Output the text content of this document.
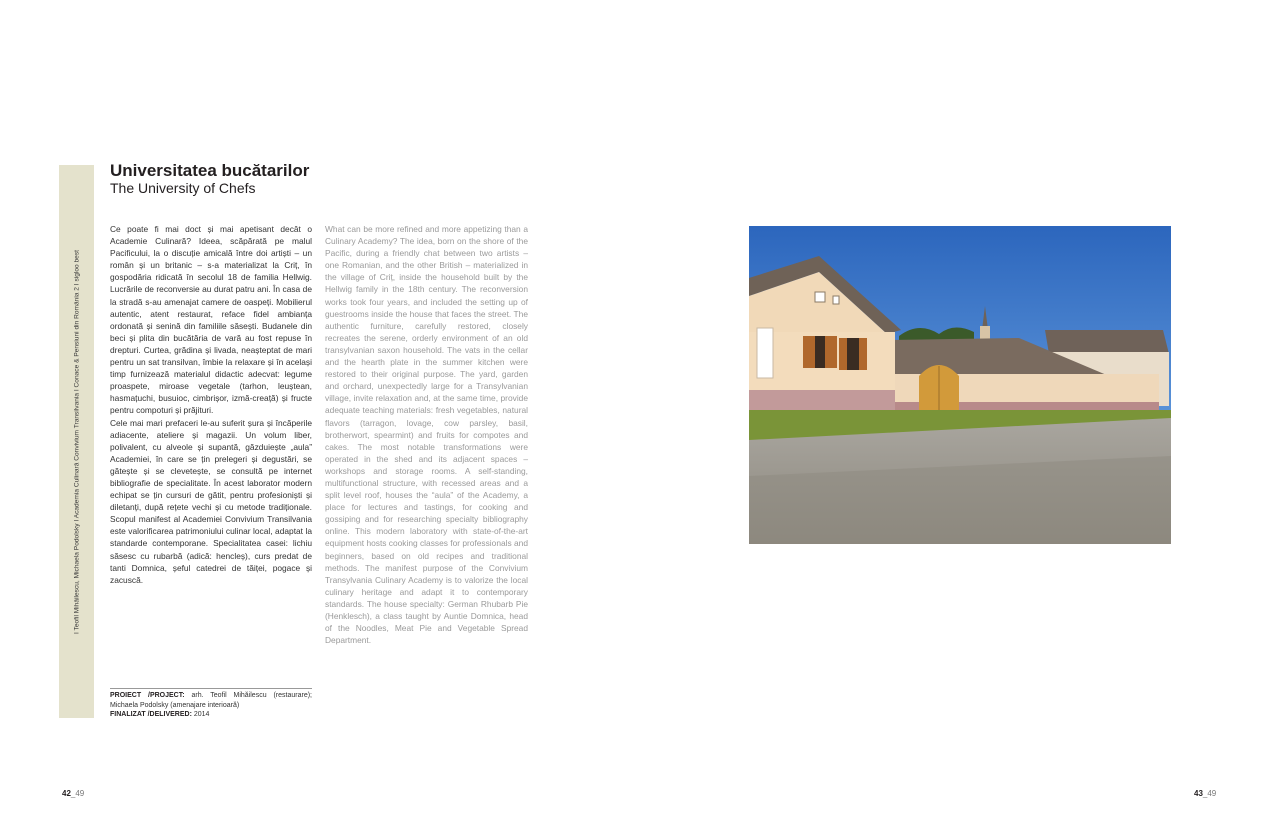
I Teofil Mihăilescu, Michaela Podolsky I Academia Culinară Convivium Transilvania I Conace & Pensiuni din România 2 I sigloo best
Universitatea bucătarilor
The University of Chefs

Ce poate fi mai doct și mai apetisant decât o Academie Culinară? Ideea, scăpărată pe malul Pacificului, la o discuție amicală între doi artiști – un român și un britanic – s-a materializat la Criț, în gospodăria ridicată în secolul 18 de familia Hellwig. Lucrările de reconversie au durat patru ani. În casa de la stradă s-au amenajat camere de oaspeți. Mobilierul autentic, atent restaurat, reface fidel ambianța ordonată și senină din familiile săsești. Budanele din beci și plita din bucătăria de vară au fost repuse în drepturi. Curtea, grădina și livada, neașteptat de mari pentru un sat transilvan, îmbie la relaxare și în același timp furnizează materialul didactic adecvat: legume proaspete, miroase vegetale (tarhon, leuștean, hasmațuchi, busuioc, cimbrișor, izmă-creață) și fructe pentru compoturi și prăjituri.

Cele mai mari prefaceri le-au suferit șura și încăperile adiacente, ateliere și magazii. Un volum liber, polivalent, cu alveole și supantă, găzduiește „aula” Academiei, în care se țin prelegeri și degustări, se gătește și se clevetește, se consultă pe internet bibliografie de specialitate. În acest laborator modern echipat se țin cursuri de gătit, pentru profesioniști și diletanți, după rețete vechi și cu metode tradiționale. Scopul manifest al Academiei Convivium Transilvania este valorificarea patrimoniului culinar local, adaptat la standarde contemporane. Specialitatea casei: lichiu săsesc cu rubarbă (adică: hencleș), curs predat de tanti Domnica, șeful catedrei de tăiței, pogace și zacuscă.

What can be more refined and more appetizing than a Culinary Academy? The idea, born on the shore of the Pacific, during a friendly chat between two artists – one Romanian, and the other British – materialized in the village of Criț, inside the household built by the Hellwig family in the 18th century. The reconversion works took four years, and included the setting up of guestrooms inside the house that faces the street. The authentic furniture, carefully restored, closely recreates the serene, orderly environment of an old transylvanian saxon household. The vats in the cellar and the hearth plate in the summer kitchen were restored to their original purpose. The yard, garden and orchard, unexpectedly large for a Transylvanian village, invite relaxation and, at the same time, provide adequate teaching materials: fresh vegetables, natural flavors (tarragon, lovage, cow parsley, basil, brotherwort, spearmint) and fruits for compotes and cakes. The most notable transformations were operated in the shed and its adjacent spaces – workshops and storage rooms. A self-standing, multifunctional structure, with recessed areas and a split level roof, houses the “aula” of the Academy, a place for lectures and tastings, for cooking and gossiping and for researching specialty bibliography online. This modern laboratory with state-of-the-art equipment hosts cooking classes for professionals and beginners, based on old recipes and traditional methods. The manifest purpose of the Convivium Transylvania Culinary Academy is to valorize the local culinary heritage and adapt it to contemporary standards. The house specialty: German Rhubarb Pie (Henklesch), a class taught by Auntie Domnica, head of the Noodles, Meat Pie and Vegetable Spread Department.

PROIECT /PROJECT: arh. Teofil Mihăilescu (restaurare); Michaela Podolsky (amenajare interioară)
FINALIZAT /DELIVERED: 2014
42_49	43_49
